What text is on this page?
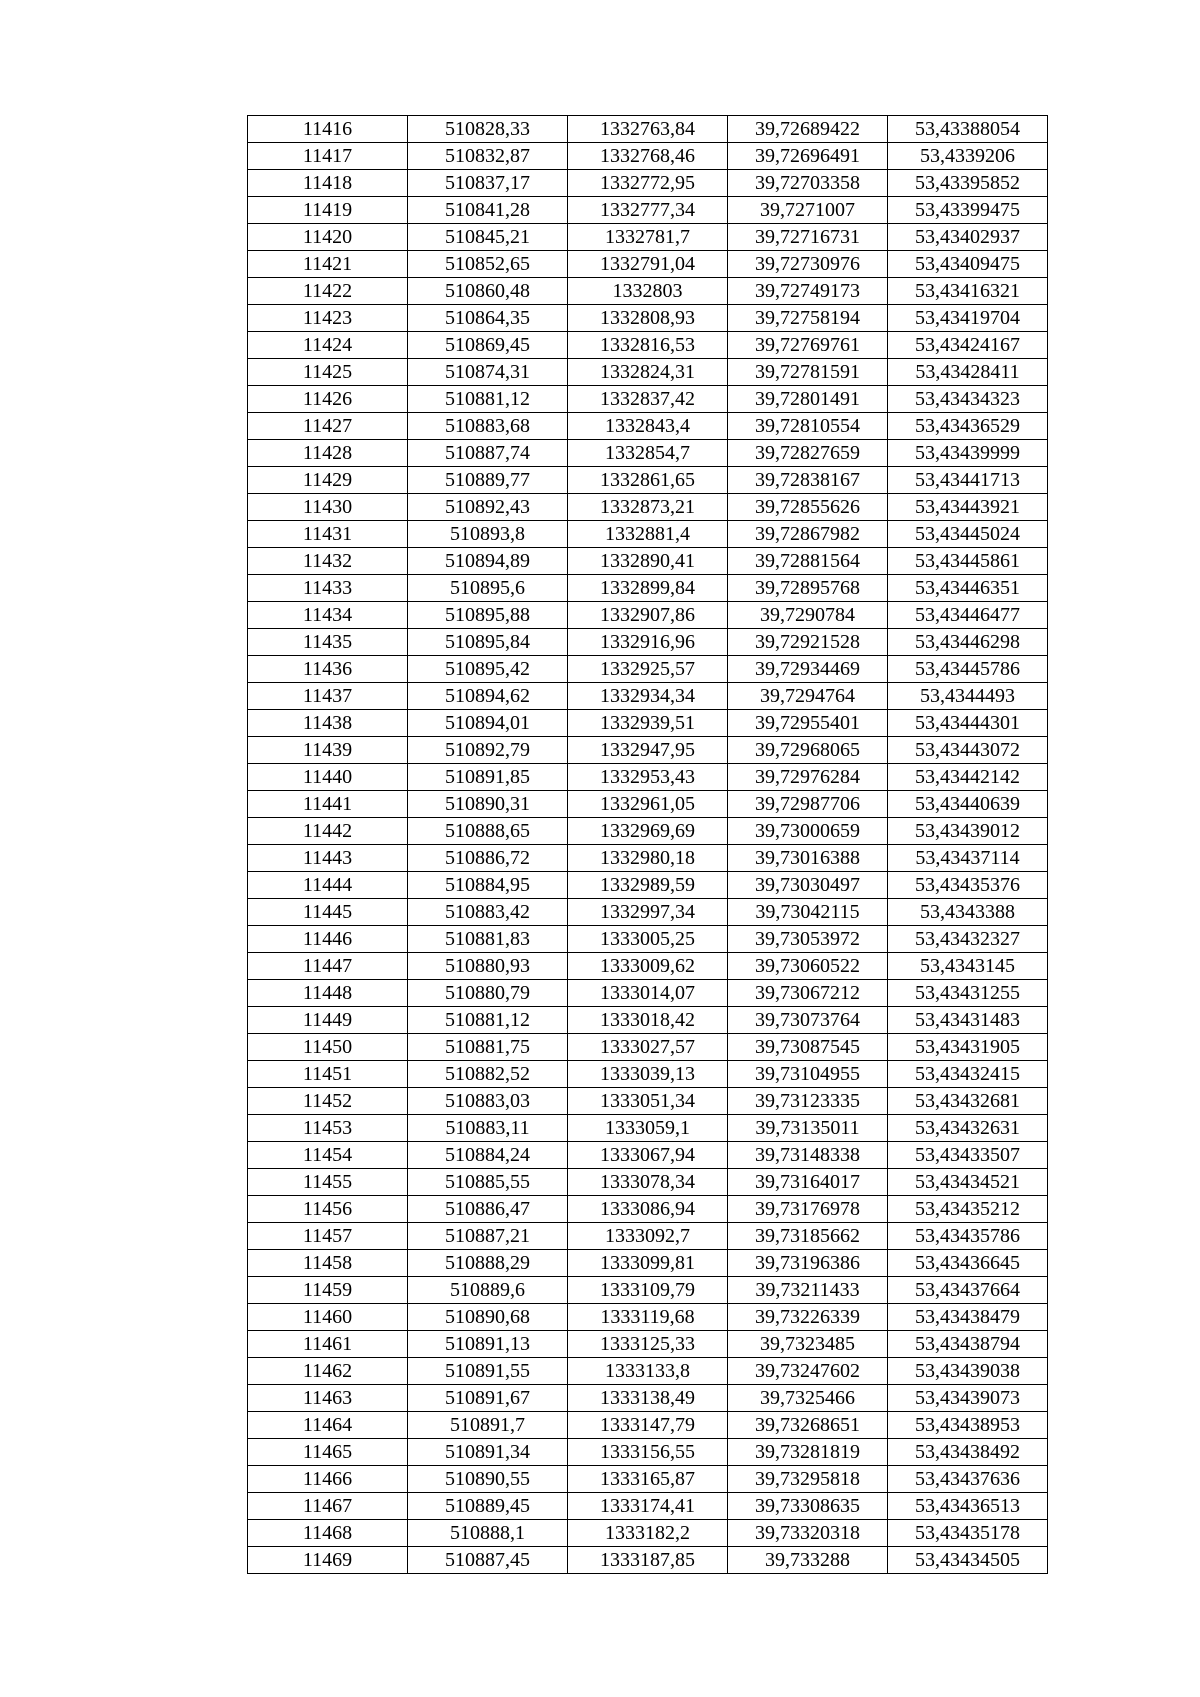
11416	510828,33	1332763,84	39,72689422	53,43388054
11417	510832,87	1332768,46	39,72696491	53,4339206
11418	510837,17	1332772,95	39,72703358	53,43395852
11419	510841,28	1332777,34	39,7271007	53,43399475
11420	510845,21	1332781,7	39,72716731	53,43402937
11421	510852,65	1332791,04	39,72730976	53,43409475
11422	510860,48	1332803	39,72749173	53,43416321
11423	510864,35	1332808,93	39,72758194	53,43419704
11424	510869,45	1332816,53	39,72769761	53,43424167
11425	510874,31	1332824,31	39,72781591	53,43428411
11426	510881,12	1332837,42	39,72801491	53,43434323
11427	510883,68	1332843,4	39,72810554	53,43436529
11428	510887,74	1332854,7	39,72827659	53,43439999
11429	510889,77	1332861,65	39,72838167	53,43441713
11430	510892,43	1332873,21	39,72855626	53,43443921
11431	510893,8	1332881,4	39,72867982	53,43445024
11432	510894,89	1332890,41	39,72881564	53,43445861
11433	510895,6	1332899,84	39,72895768	53,43446351
11434	510895,88	1332907,86	39,7290784	53,43446477
11435	510895,84	1332916,96	39,72921528	53,43446298
11436	510895,42	1332925,57	39,72934469	53,43445786
11437	510894,62	1332934,34	39,7294764	53,4344493
11438	510894,01	1332939,51	39,72955401	53,43444301
11439	510892,79	1332947,95	39,72968065	53,43443072
11440	510891,85	1332953,43	39,72976284	53,43442142
11441	510890,31	1332961,05	39,72987706	53,43440639
11442	510888,65	1332969,69	39,73000659	53,43439012
11443	510886,72	1332980,18	39,73016388	53,43437114
11444	510884,95	1332989,59	39,73030497	53,43435376
11445	510883,42	1332997,34	39,73042115	53,4343388
11446	510881,83	1333005,25	39,73053972	53,43432327
11447	510880,93	1333009,62	39,73060522	53,4343145
11448	510880,79	1333014,07	39,73067212	53,43431255
11449	510881,12	1333018,42	39,73073764	53,43431483
11450	510881,75	1333027,57	39,73087545	53,43431905
11451	510882,52	1333039,13	39,73104955	53,43432415
11452	510883,03	1333051,34	39,73123335	53,43432681
11453	510883,11	1333059,1	39,73135011	53,43432631
11454	510884,24	1333067,94	39,73148338	53,43433507
11455	510885,55	1333078,34	39,73164017	53,43434521
11456	510886,47	1333086,94	39,73176978	53,43435212
11457	510887,21	1333092,7	39,73185662	53,43435786
11458	510888,29	1333099,81	39,73196386	53,43436645
11459	510889,6	1333109,79	39,73211433	53,43437664
11460	510890,68	1333119,68	39,73226339	53,43438479
11461	510891,13	1333125,33	39,7323485	53,43438794
11462	510891,55	1333133,8	39,73247602	53,43439038
11463	510891,67	1333138,49	39,7325466	53,43439073
11464	510891,7	1333147,79	39,73268651	53,43438953
11465	510891,34	1333156,55	39,73281819	53,43438492
11466	510890,55	1333165,87	39,73295818	53,43437636
11467	510889,45	1333174,41	39,73308635	53,43436513
11468	510888,1	1333182,2	39,73320318	53,43435178
11469	510887,45	1333187,85	39,733288	53,43434505
